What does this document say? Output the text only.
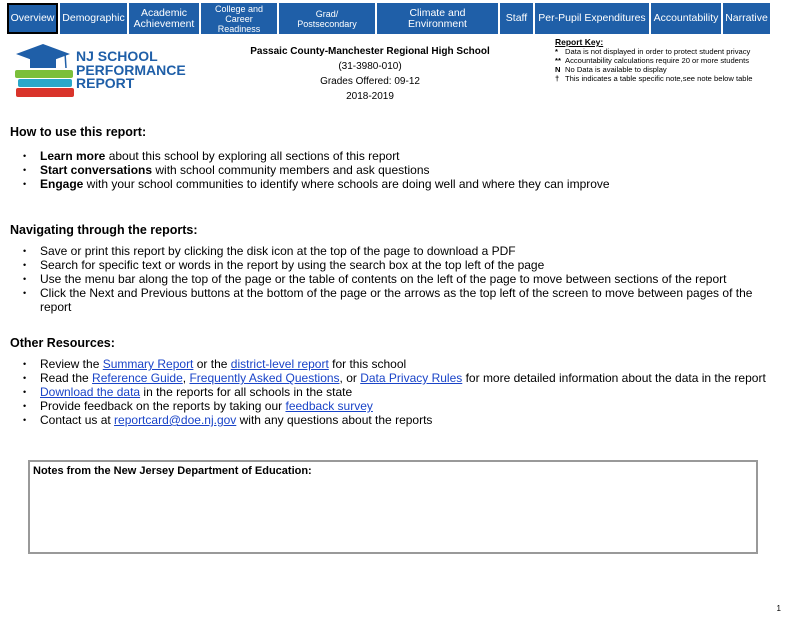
Overview Demographic	Academic
Achievement
College and
Career
Readiness
Grad/
Postsecondary
Climate and
Environment	Staff	Per-Pupil Expenditures Accountability Narrative
NJ SCHOOL
PERFORMANCE
REPORT
Passaic County-Manchester Regional High School
(31-3980-010)
Grades Offered: 09-12
2018-2019
Report Key:
* Data is not displayed in order to protect student privacy
** Accountability calculations require 20 or more students
N No Data is available to display
† This indicates a table specific note,see note below table
How to use this report:
• Learn more about this school by exploring all sections of this report
• Start conversations with school community members and ask questions
• Engage with your school communities to identify where schools are doing well and where they can improve
Navigating through the reports:
• Save or print this report by clicking the disk icon at the top of the page to download a PDF
• Search for specific text or words in the report by using the search box at the top left of the page
• Use the menu bar along the top of the page or the table of contents on the left of the page to move between sections of the report
• Click the Next and Previous buttons at the bottom of the page or the arrows as the top left of the screen to move between pages of the report
Other Resources:
• Review the Summary Report or the district-level report for this school
• Read the Reference Guide, Frequently Asked Questions, or Data Privacy Rules for more detailed information about the data in the report
• Download the data in the reports for all schools in the state
• Provide feedback on the reports by taking our feedback survey
• Contact us at reportcard@doe.nj.gov with any questions about the reports
Notes from the New Jersey Department of Education:
1
